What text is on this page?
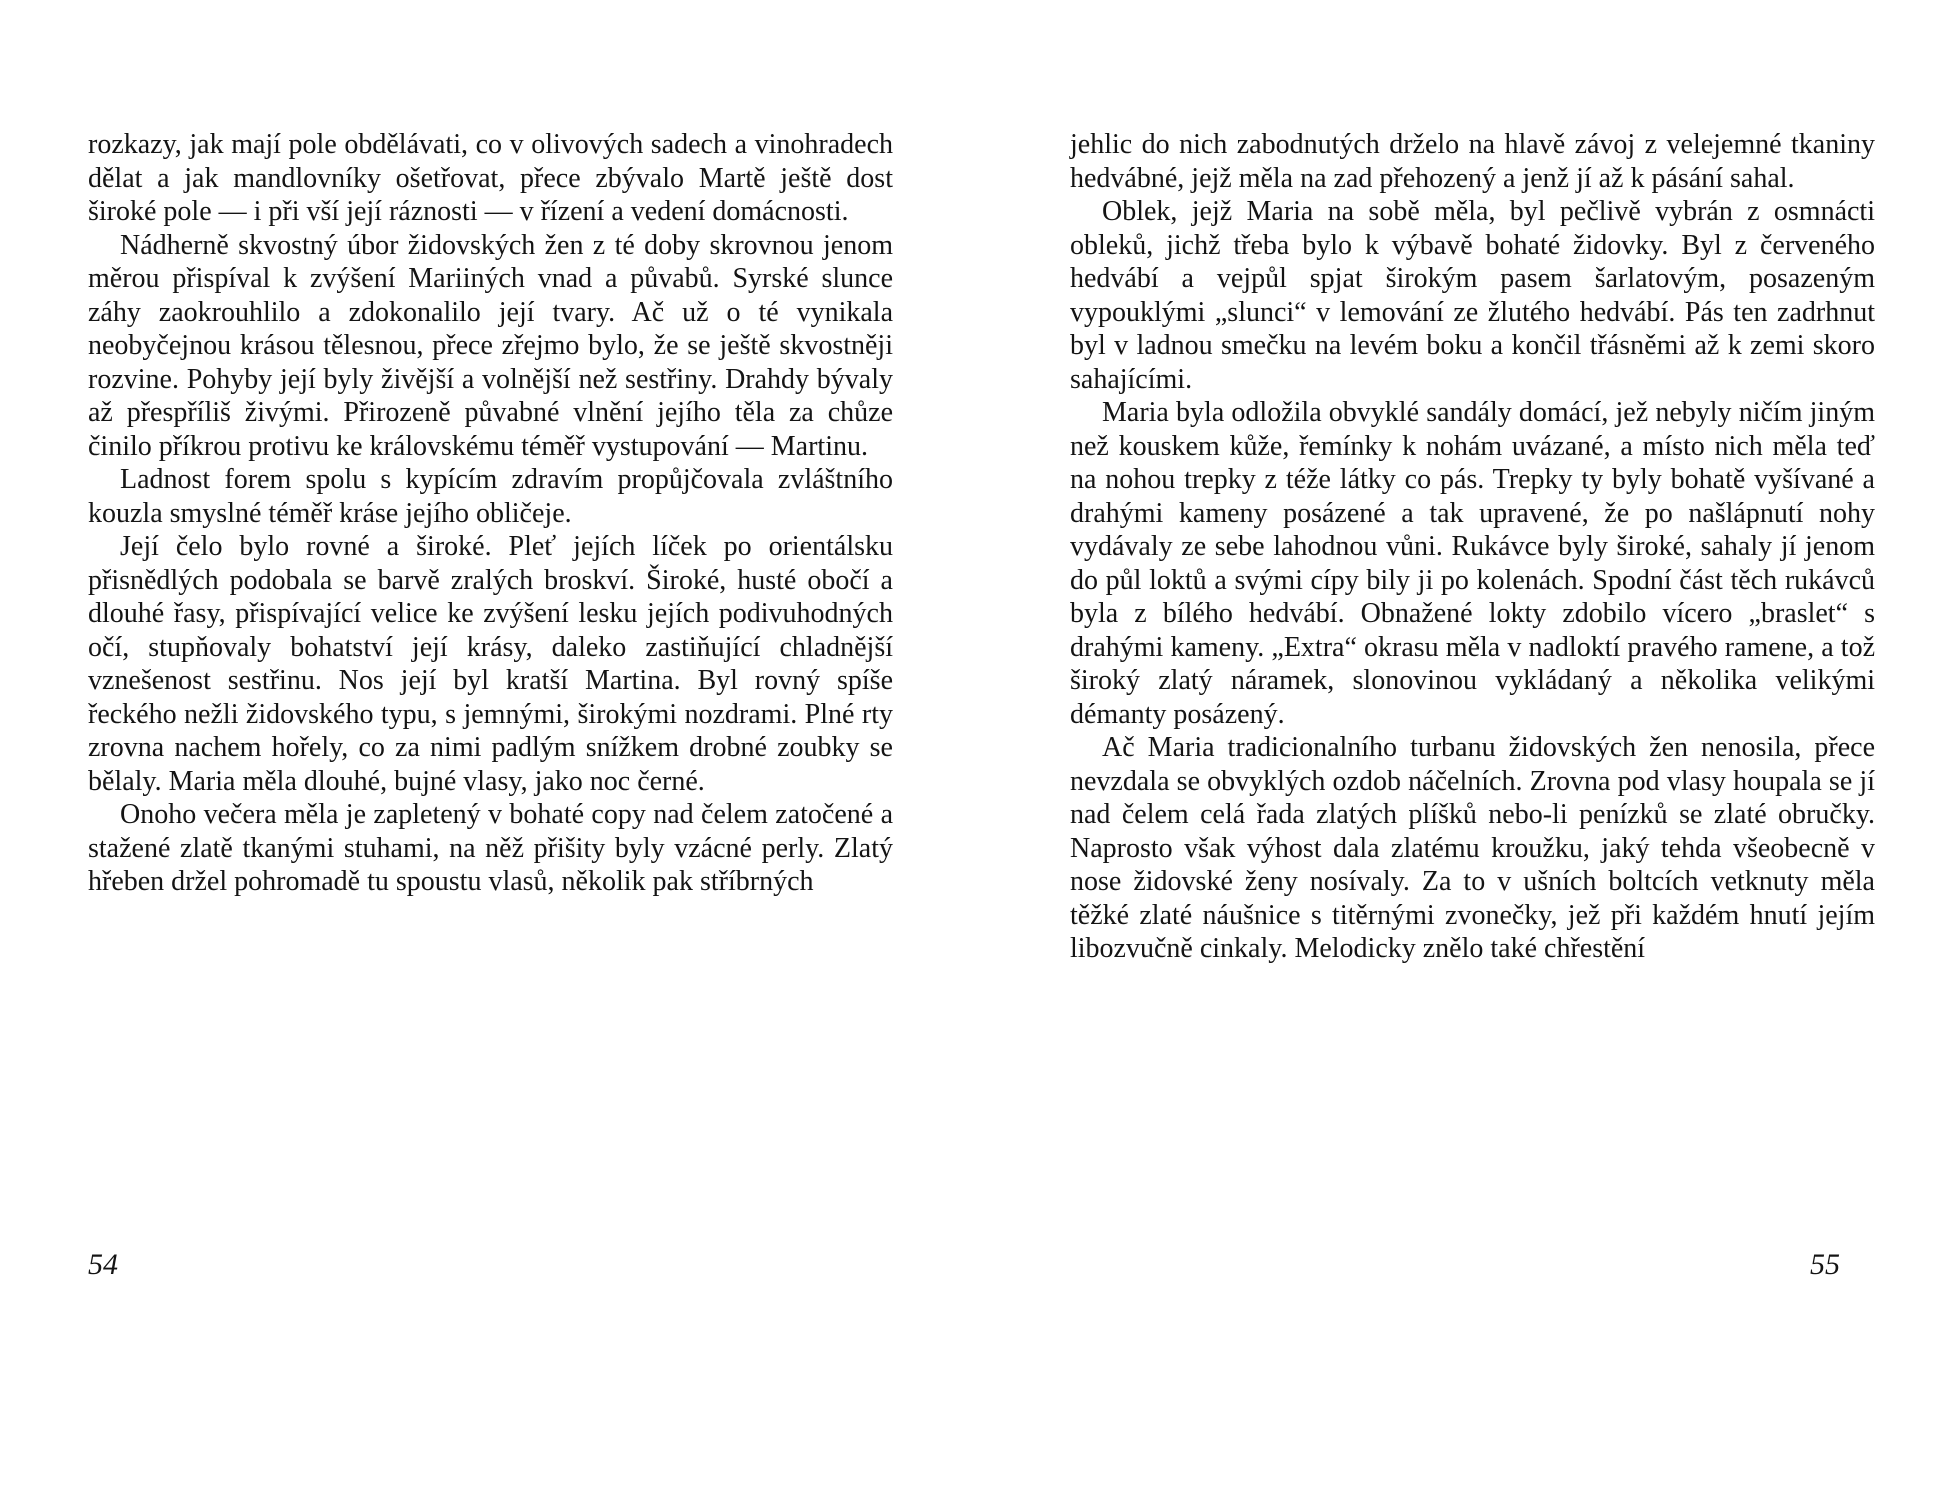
rozkazy, jak mají pole obdělávati, co v olivových sadech a vinohradech dělat a jak mandlovníky ošetřovat, přece zbývalo Martě ještě dost široké pole — i při vší její ráznosti — v řízení a vedení domácnosti.

Nádherně skvostný úbor židovských žen z té doby skrovnou jenom měrou přispíval k zvýšení Mariiných vnad a půvabů. Syrské slunce záhy zaokrouhlilo a zdokonalilo její tvary. Ač už o té vynikala neobyčejnou krásou tělesnou, přece zřejmo bylo, že se ještě skvostněji rozvine. Pohyby její byly živější a volnější než sestřiny. Drahdy bývaly až přespříliš živými. Přirozeně půvabné vlnění jejího těla za chůze činilo příkrou protivu ke královskému téměř vystupování — Martinu.

Ladnost forem spolu s kypícím zdravím propůjčovala zvláštního kouzla smyslné téměř kráse jejího obličeje.

Její čelo bylo rovné a široké. Pleť jejích líček po orientálsku přisnědlých podobala se barvě zralých broskví. Široké, husté obočí a dlouhé řasy, přispívající velice ke zvýšení lesku jejích podivuhodných očí, stupňovaly bohatství její krásy, daleko zastiňující chladnější vznešenost sestřinu. Nos její byl kratší Martina. Byl rovný spíše řeckého nežli židovského typu, s jemnými, širokými nozdrami. Plné rty zrovna nachem hořely, co za nimi padlým snížkem drobné zoubky se bělaly. Maria měla dlouhé, bujné vlasy, jako noc černé.

Onoho večera měla je zapletený v bohaté copy nad čelem zatočené a stažené zlatě tkanými stuhami, na něž přišity byly vzácné perly. Zlatý hřeben držel pohromadě tu spoustu vlasů, několik pak stříbrných

54

jehlic do nich zabodnutých drželo na hlavě závoj z velejemné tkaniny hedvábné, jejž měla na zad přehozený a jenž jí až k pásání sahal.

Oblek, jejž Maria na sobě měla, byl pečlivě vybrán z osmnácti obleků, jichž třeba bylo k výbavě bohaté židovky. Byl z červeného hedvábí a vejpůl spjat širokým pasem šarlatovým, posazeným vypouklými „slunci“ v lemování ze žlutého hedvábí. Pás ten zadrhnut byl v ladnou smečku na levém boku a končil třásněmi až k zemi skoro sahajícími.

Maria byla odložila obvyklé sandály domácí, jež nebyly ničím jiným než kouskem kůže, řemínky k nohám uvázané, a místo nich měla teď na nohou trepky z téže látky co pás. Trepky ty byly bohatě vyšívané a drahými kameny posázené a tak upravené, že po našlápnutí nohy vydávaly ze sebe lahodnou vůni. Rukávce byly široké, sahaly jí jenom do půl loktů a svými cípy bily ji po kolenách. Spodní část těch rukávců byla z bílého hedvábí. Obnažené lokty zdobilo vícero „braslet“ s drahými kameny. „Extra“ okrasu měla v nadloktí pravého ramene, a tož široký zlatý náramek, slonovinou vykládaný a několika velikými démanty posázený.

Ač Maria tradicionalního turbanu židovských žen nenosila, přece nevzdala se obvyklých ozdob náčelních. Zrovna pod vlasy houpala se jí nad čelem celá řada zlatých plíšků nebo-li penízků se zlaté obručky. Naprosto však výhost dala zlatému kroužku, jaký tehda všeobecně v nose židovské ženy nosívaly. Za to v ušních boltcích vetknuty měla těžké zlaté náušnice s titěrnými zvonečky, jež při každém hnutí jejím libozvučně cinkaly. Melodicky znělo také chřestění

55
